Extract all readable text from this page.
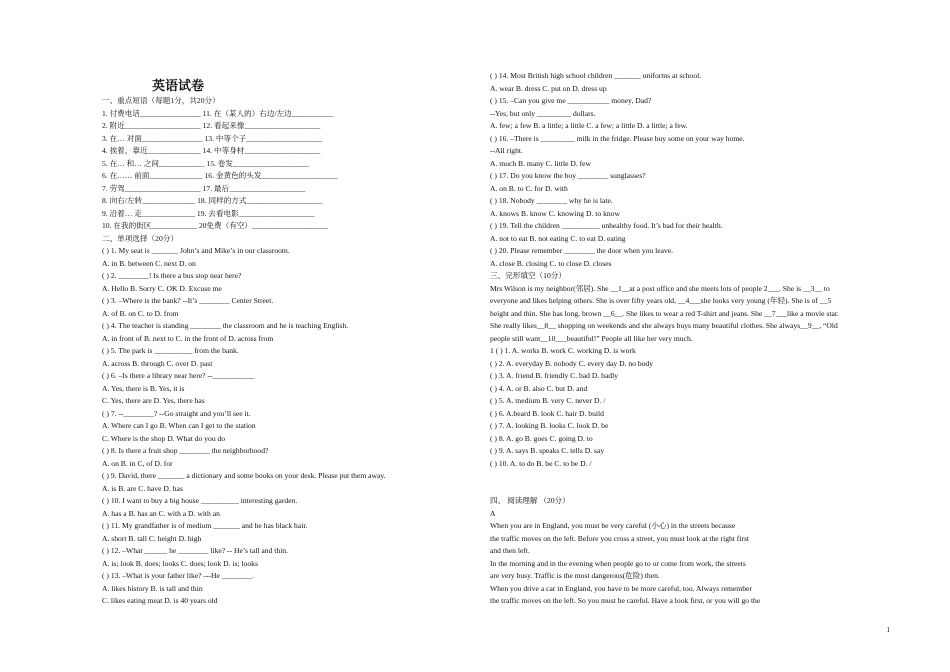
英语试卷
一、重点短语（每题1分，共20分）
1. 付费电话________________ 11. 在（某人的）右边/左边___________
2. 附近____________________ 12. 看起来像____________________
3. 在… 对面________________ 13. 中等个子____________________
4. 挨着，靠近______________ 14. 中等身材____________________
5. 在… 和… 之间____________ 15. 卷发____________________
6. 在…… 前面______________ 16. 金黄色的头发____________________
7. 劳驾____________________ 17. 最后____________________
8. 向右/左转______________ 18. 同样的方式____________________
9. 沿着… 走______________ 19. 去看电影____________________
10. 在我的街区____________ 20免费（有空）____________________
二、单项选择（20分）
( ) 1. My seat is _______ John’s and Mike’s in our classroom.
A. in B. between C. next D. on
( ) 2. ________! Is there a bus stop near here?
A. Hello B. Sorry C. OK D. Excuse me
( ) 3. –Where is the bank? --It’s ________ Center Street.
A. of B. on C. to D. from
( ) 4. The teacher is standing ________ the classroom and he is teaching English.
A. in front of B. next to C. in the front of D. across from
( ) 5. The park is __________ from the bank.
A. across B. through C. over D. past
( ) 6. –Is there a library near here? --___________
A. Yes, there is B. Yes, it is
C. Yes, there are D. Yes, there has
( ) 7. --________? --Go straight and you’ll see it.
A. Where can I go B. When can I get to the station
C. Where is the shop D. What do you do
( ) 8. Is there a fruit shop ________ the neighborhood?
A. on B. in C, of D. for
( ) 9. David, there _______ a dictionary and some books on your desk. Please put them away.
A. is B. are C. have D. has
( ) 10. I want to buy a big house __________ interesting garden.
A. has a B. has an C. with a D. with an
( ) 11. My grandfather is of medium _______ and he has black hair.
A. short B. tall C. height D. high
( ) 12. –What ______ he ________ like? -- He’s tall and thin.
A. is; look B. does; looks C. does; look D. is; looks
( ) 13. –What is your father like? ---He ________.
A. likes history B. is tall and thin
C. likes eating meat D. is 40 years old
( ) 14. Most British high school children _______ uniforms at school.
A. wear B. dress C. put on D. dress up
( ) 15. –Can you give me ___________ money, Dad?
--Yes, but only _________ dollars.
A. few; a few B. a little; a little C. a few; a little D. a little; a few.
( ) 16. –There is _________ milk in the fridge. Please buy some on your way home.
--All right.
A. much B. many C. little D. few
( ) 17. Do you know the boy ________ sunglasses?
A. on B. to C. for D. with
( ) 18. Nobody ________ why he is late.
A. knows B. know C. knowing D. to know
( ) 19. Tell the children __________ unhealthy food. It’s bad for their health.
A. not to eat B. not eating C. to eat D. eating
( ) 20. Please remember ________ the door when you leave.
A. close B. closing C. to close D. closes
三、完形填空（10分）
Mrs Wilson is my neighbor(邻居). She __1__at a post office and she meets lots of people 2___. She is __3__ to
everyone and likes helping others. She is over fifty years old, __4___she looks very young (年轻). She is of __5
height and thin. She has long, brown __6__. She likes to wear a red T-shirt and jeans. She __7___like a movie star.
She really likes__8__ shopping on weekends and she always buys many beautiful clothes. She always__9__, “Old
people still want__10___beautiful!” People all like her very much.
1 ( ) 1. A. works B. work C. working D. is work
( ) 2. A. everyday B. nobody C. every day D. no body
( ) 3. A. friend B. friendly C. bad D. badly
( ) 4. A. or B. also C. but D. and
( ) 5. A. medium B. very C. never D. /
( ) 6. A.beard B. look C. hair D. build
( ) 7. A. looking B. looks C. look D. be
( ) 8. A. go B. goes C. going D. to
( ) 9. A. says B. speaks C. tells D. say
( ) 10. A. to do B. be C. to be D. /
四、 阅读理解 （20分）
A
When you are in England, you must be very careful (小心) in the streets because
the traffic moves on the left. Before you cross a street, you must look at the right first
and then left.
In the morning and in the evening when people go to or come from work, the streets
are very busy. Traffic is the most dangerous(危险) then.
When you drive a car in England, you have to be more careful, too. Always remember
the traffic moves on the left. So you must be careful. Have a look first, or you will go the
1
